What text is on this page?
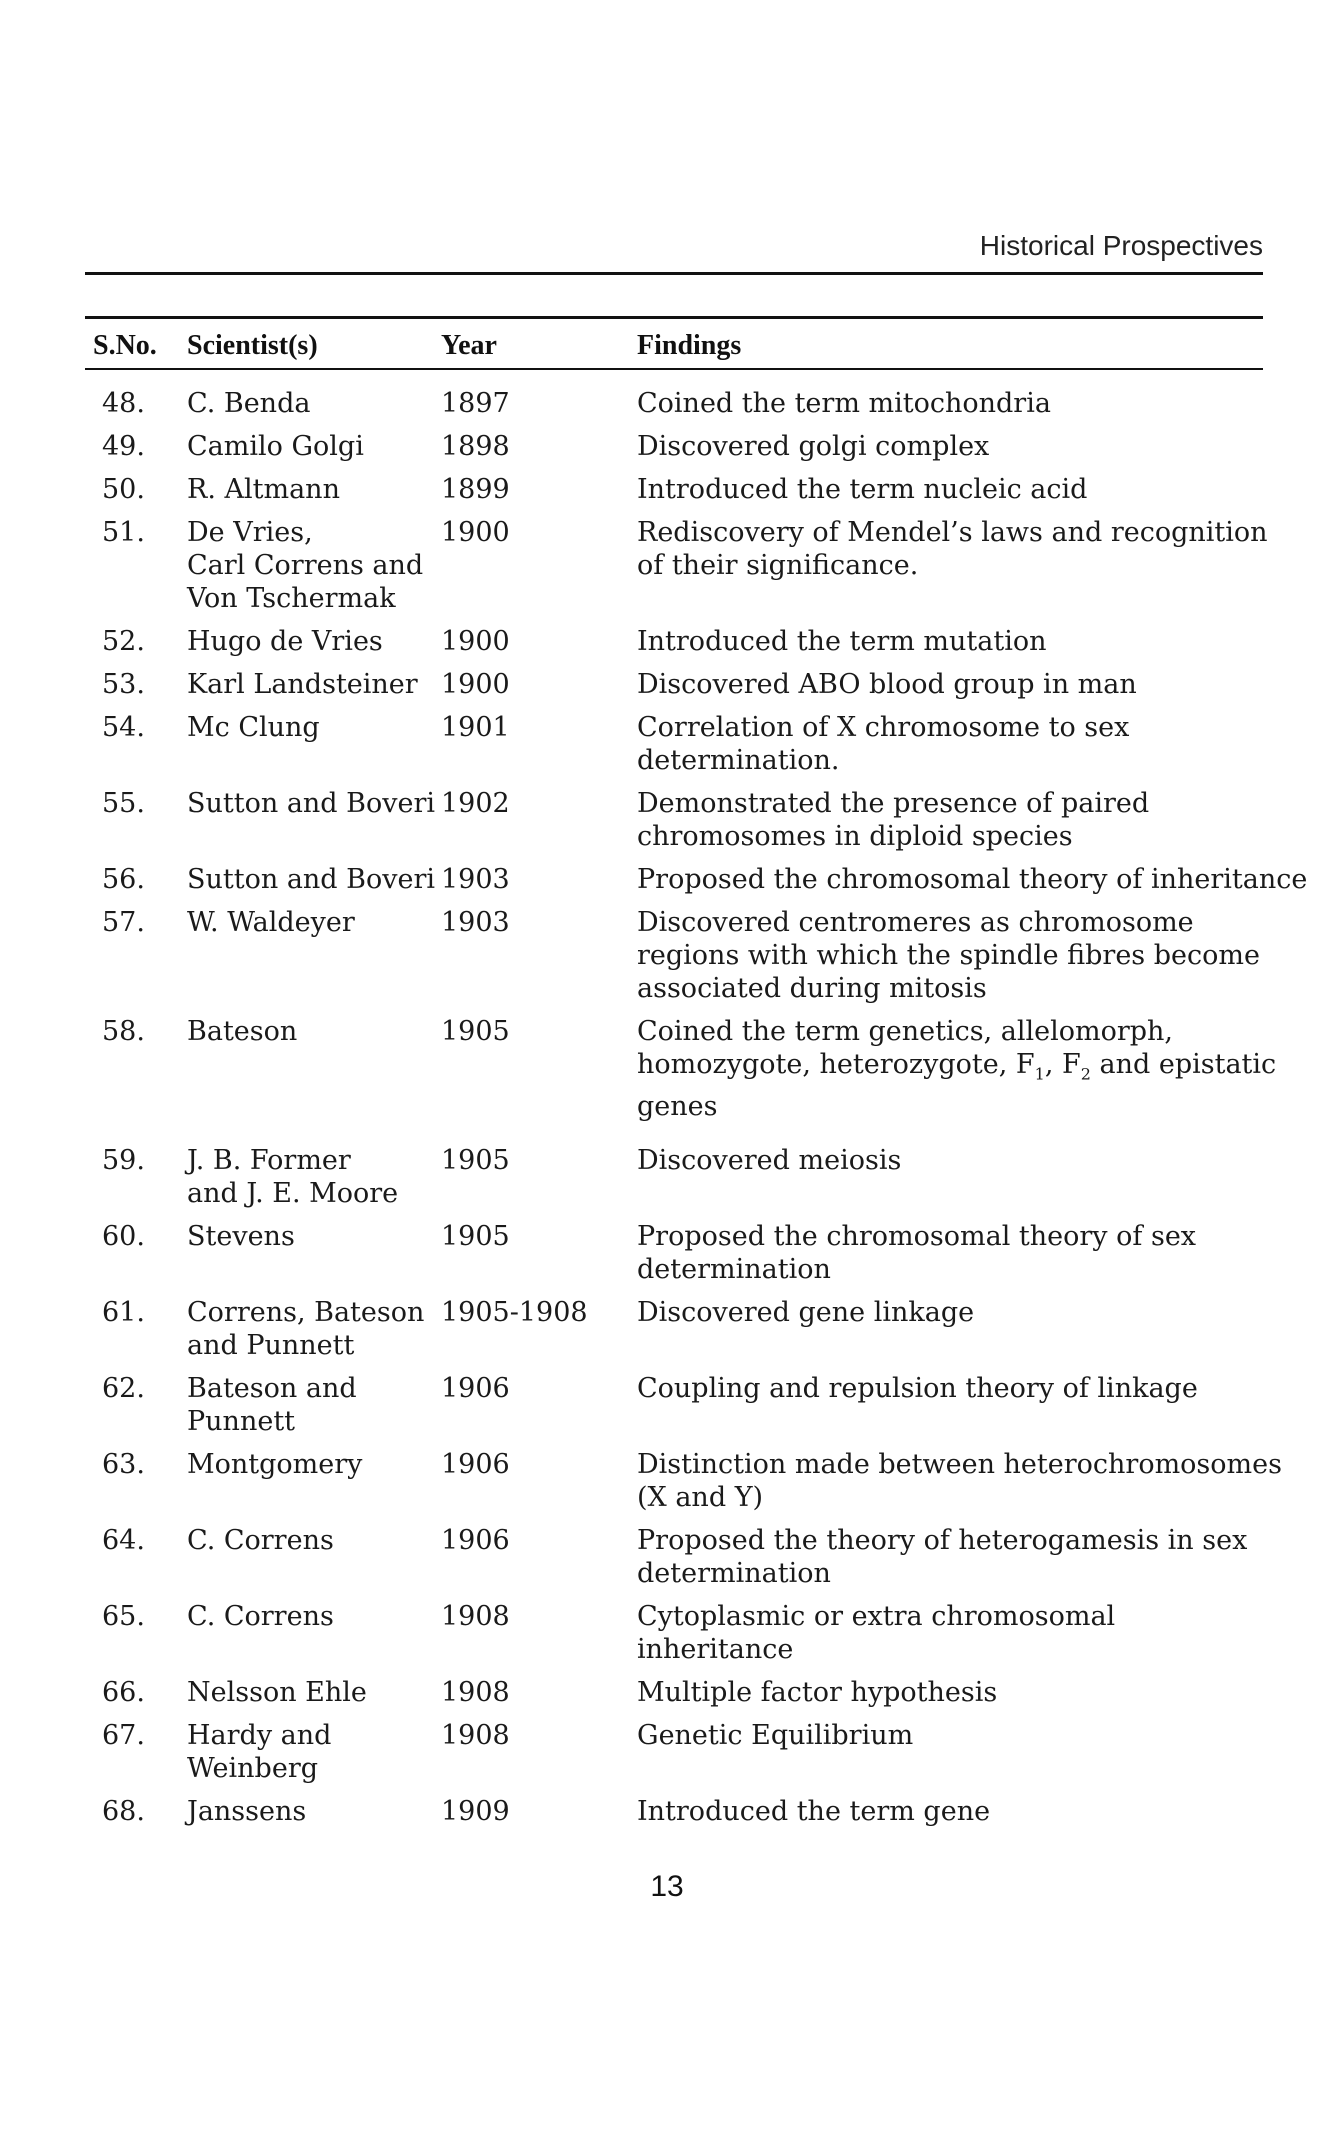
Historical Prospectives
S.No. Scientist(s)	Year	Findings
48. C. Benda	1897	Coined the term mitochondria
49. Camilo Golgi	1898	Discovered golgi complex
50. R. Altmann	1899	Introduced the term nucleic acid
51. De Vries,
Carl Correns and
Von Tschermak
1900	Rediscovery of Mendel’s laws and recognition
of their significance.
52. Hugo de Vries	1900	Introduced the term mutation
53. Karl Landsteiner 1900	Discovered ABO blood group in man
54. Mc Clung	1901	Correlation of X chromosome to sex
determination.
55. Sutton and Boveri 1902	Demonstrated the presence of paired
chromosomes in diploid species
56. Sutton and Boveri 1903	Proposed the chromosomal theory of inheritance
57. W. Waldeyer	1903	Discovered centromeres as chromosome
regions with which the spindle fibres become
associated during mitosis
58. Bateson	1905	Coined the term genetics, allelomorph,
homozygote, heterozygote, $F_1$, $F_2$ and epistatic
genes
59. J. B. Former
and J. E. Moore
1905	Discovered meiosis
60. Stevens	1905	Proposed the chromosomal theory of sex
determination
61. Correns, Bateson
and Punnett
1905-1908 Discovered gene linkage
62. Bateson and
Punnett
1906	Coupling and repulsion theory of linkage
63. Montgomery	1906	Distinction made between heterochromosomes
(X and Y)
64. C. Correns	1906	Proposed the theory of heterogamesis in sex
determination
65. C. Correns	1908	Cytoplasmic or extra chromosomal
inheritance
66. Nelsson Ehle	1908	Multiple factor hypothesis
67. Hardy and
Weinberg
1908	Genetic Equilibrium
68. Janssens	1909	Introduced the term gene
13
